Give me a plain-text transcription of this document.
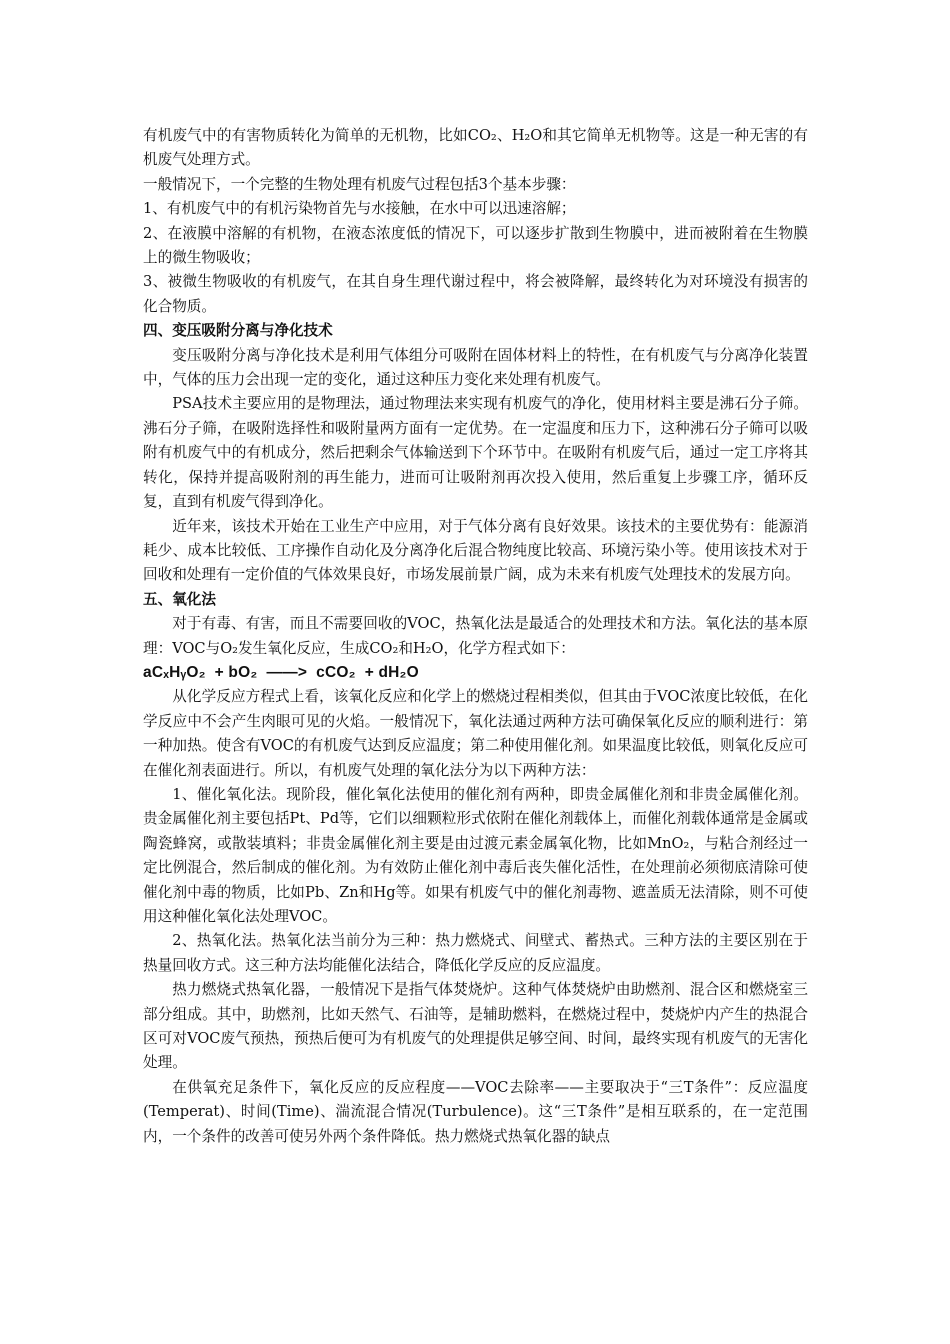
有机废气中的有害物质转化为简单的无机物，比如CO₂、H₂O和其它简单无机物等。这是一种无害的有机废气处理方式。

一般情况下，一个完整的生物处理有机废气过程包括3个基本步骤：

1、有机废气中的有机污染物首先与水接触，在水中可以迅速溶解；

2、在液膜中溶解的有机物，在液态浓度低的情况下，可以逐步扩散到生物膜中，进而被附着在生物膜上的微生物吸收；

3、被微生物吸收的有机废气，在其自身生理代谢过程中，将会被降解，最终转化为对环境没有损害的化合物质。

四、变压吸附分离与净化技术

变压吸附分离与净化技术是利用气体组分可吸附在固体材料上的特性，在有机废气与分离净化装置中，气体的压力会出现一定的变化，通过这种压力变化来处理有机废气。

PSA技术主要应用的是物理法，通过物理法来实现有机废气的净化，使用材料主要是沸石分子筛。沸石分子筛，在吸附选择性和吸附量两方面有一定优势。在一定温度和压力下，这种沸石分子筛可以吸附有机废气中的有机成分，然后把剩余气体输送到下个环节中。在吸附有机废气后，通过一定工序将其转化，保持并提高吸附剂的再生能力，进而可让吸附剂再次投入使用，然后重复上步骤工序，循环反复，直到有机废气得到净化。

近年来，该技术开始在工业生产中应用，对于气体分离有良好效果。该技术的主要优势有：能源消耗少、成本比较低、工序操作自动化及分离净化后混合物纯度比较高、环境污染小等。使用该技术对于回收和处理有一定价值的气体效果良好，市场发展前景广阔，成为未来有机废气处理技术的发展方向。

五、氧化法

对于有毒、有害，而且不需要回收的VOC，热氧化法是最适合的处理技术和方法。氧化法的基本原理：VOC与O₂发生氧化反应，生成CO₂和H₂O，化学方程式如下：

aCₓHᵧO₂  + bO₂  ——>  cCO₂  + dH₂O

从化学反应方程式上看，该氧化反应和化学上的燃烧过程相类似，但其由于VOC浓度比较低，在化学反应中不会产生肉眼可见的火焰。一般情况下，氧化法通过两种方法可确保氧化反应的顺利进行：第一种加热。使含有VOC的有机废气达到反应温度；第二种使用催化剂。如果温度比较低，则氧化反应可在催化剂表面进行。所以，有机废气处理的氧化法分为以下两种方法：

1、催化氧化法。现阶段，催化氧化法使用的催化剂有两种，即贵金属催化剂和非贵金属催化剂。贵金属催化剂主要包括Pt、Pd等，它们以细颗粒形式依附在催化剂载体上，而催化剂载体通常是金属或陶瓷蜂窝，或散装填料；非贵金属催化剂主要是由过渡元素金属氧化物，比如MnO₂，与粘合剂经过一定比例混合，然后制成的催化剂。为有效防止催化剂中毒后丧失催化活性，在处理前必须彻底清除可使催化剂中毒的物质，比如Pb、Zn和Hg等。如果有机废气中的催化剂毒物、遮盖质无法清除，则不可使用这种催化氧化法处理VOC。

2、热氧化法。热氧化法当前分为三种：热力燃烧式、间壁式、蓄热式。三种方法的主要区别在于热量回收方式。这三种方法均能催化法结合，降低化学反应的反应温度。

热力燃烧式热氧化器，一般情况下是指气体焚烧炉。这种气体焚烧炉由助燃剂、混合区和燃烧室三部分组成。其中，助燃剂，比如天然气、石油等，是辅助燃料，在燃烧过程中，焚烧炉内产生的热混合区可对VOC废气预热，预热后便可为有机废气的处理提供足够空间、时间，最终实现有机废气的无害化处理。

在供氧充足条件下，氧化反应的反应程度——VOC去除率——主要取决于“三T条件”：反应温度(Temperat)、时间(Time)、湍流混合情况(Turbulence)。这“三T条件”是相互联系的，在一定范围内，一个条件的改善可使另外两个条件降低。热力燃烧式热氧化器的缺点
